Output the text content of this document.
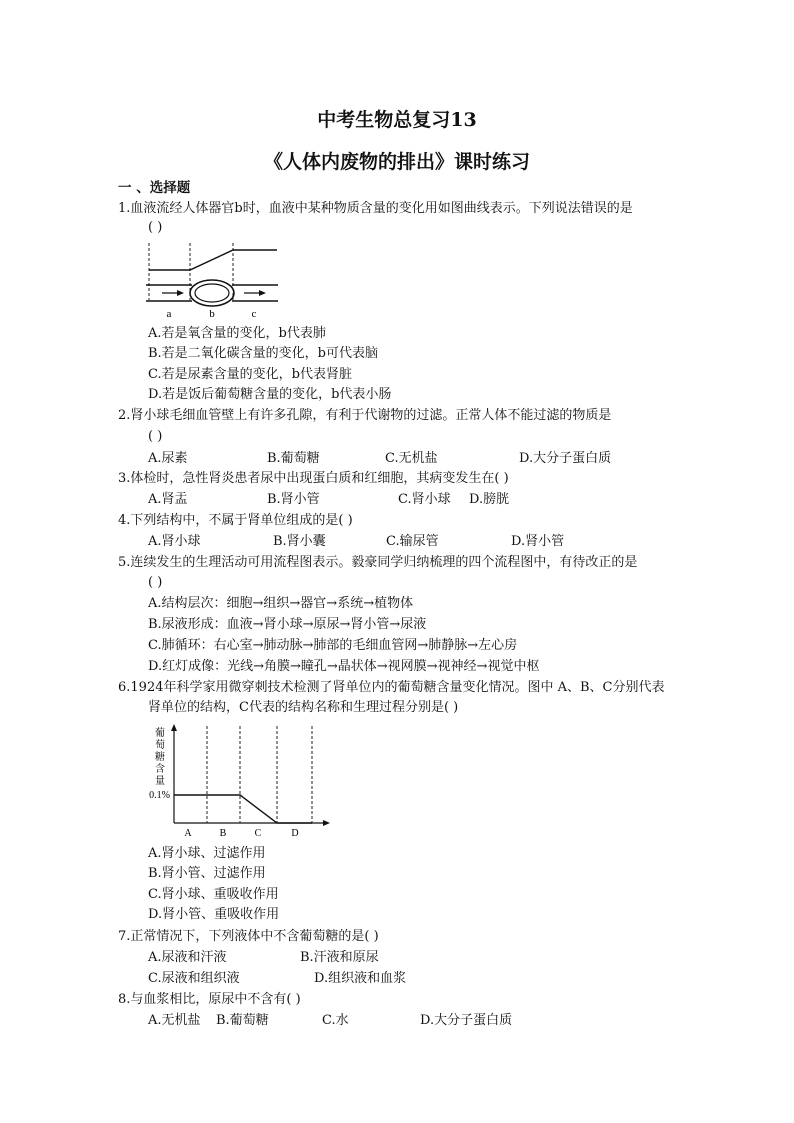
中考生物总复习13
《人体内废物的排出》课时练习
一 、选择题
1.血液流经人体器官b时，血液中某种物质含量的变化用如图曲线表示。下列说法错误的是
( )
a	b	c
A.若是氧含量的变化，b代表肺
B.若是二氧化碳含量的变化，b可代表脑
C.若是尿素含量的变化，b代表肾脏
D.若是饭后葡萄糖含量的变化，b代表小肠
2.肾小球毛细血管壁上有许多孔隙，有利于代谢物的过滤。正常人体不能过滤的物质是
( )
A.尿素	B.葡萄糖	C.无机盐	D.大分子蛋白质
3.体检时，急性肾炎患者尿中出现蛋白质和红细胞，其病变发生在( )
A.肾盂	B.肾小管	C.肾小球 D.膀胱
4.下列结构中，不属于肾单位组成的是( )
A.肾小球	B.肾小囊	C.输尿管	D.肾小管
5.连续发生的生理活动可用流程图表示。毅豪同学归纳梳理的四个流程图中，有待改正的是
( )
A.结构层次：细胞→组织→器官→系统→植物体
B.尿液形成：血液→肾小球→原尿→肾小管→尿液
C.肺循环：右心室→肺动脉→肺部的毛细血管网→肺静脉→左心房
D.红灯成像：光线→角膜→瞳孔→晶状体→视网膜→视神经→视觉中枢
6.1924年科学家用微穿刺技术检测了肾单位内的葡萄糖含量变化情况。图中 A、B、C分别代表
肾单位的结构，C代表的结构名称和生理过程分别是( )
葡
萄
糖
含
量
0.1%
A	B	C	D
A.肾小球、过滤作用
B.肾小管、过滤作用
C.肾小球、重吸收作用
D.肾小管、重吸收作用
7.正常情况下，下列液体中不含葡萄糖的是( )
A.尿液和汗液	B.汗液和原尿
C.尿液和组织液	D.组织液和血浆
8.与血浆相比，原尿中不含有( )
A.无机盐 B.葡萄糖	C.水	D.大分子蛋白质
